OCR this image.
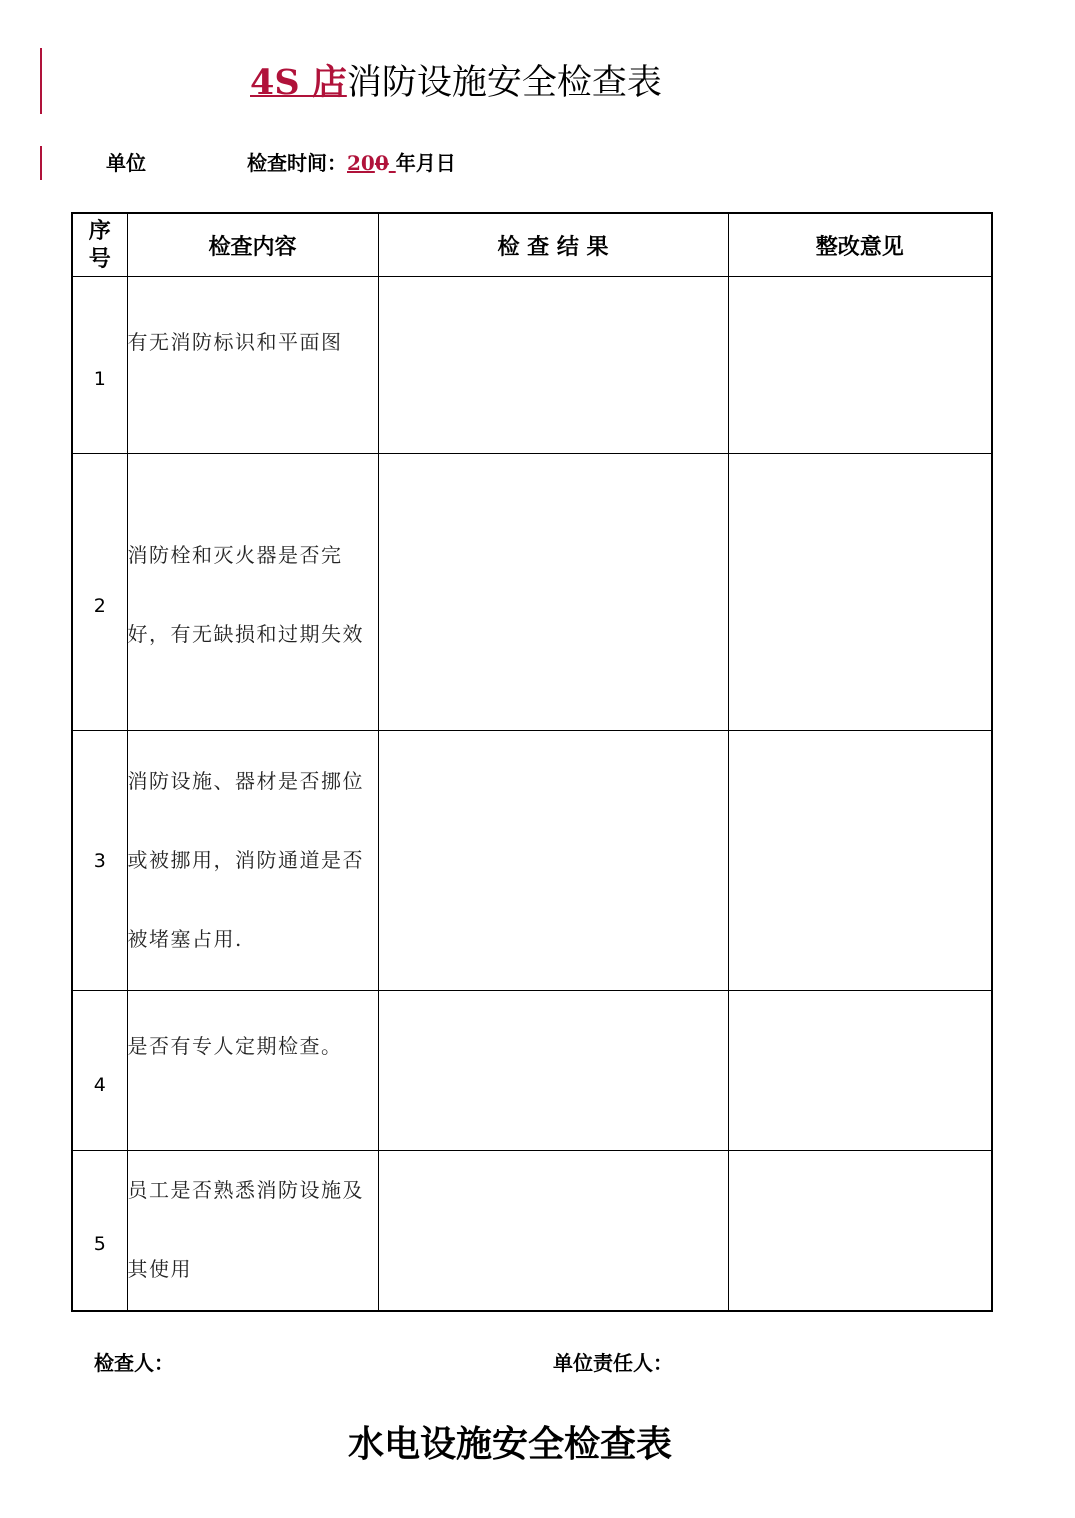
4S 店消防设施安全检查表
单位	检查时间：200 年月日
序号	检查内容	检 查 结 果	整改意见
1	有无消防标识和平面图		
2	消防栓和灭火器是否完好，有无缺损和过期失效		
3	消防设施、器材是否挪位或被挪用，消防通道是否被堵塞占用.		
4	是否有专人定期检查。		
5	员工是否熟悉消防设施及其使用		
检查人：	单位责任人：
水电设施安全检查表
